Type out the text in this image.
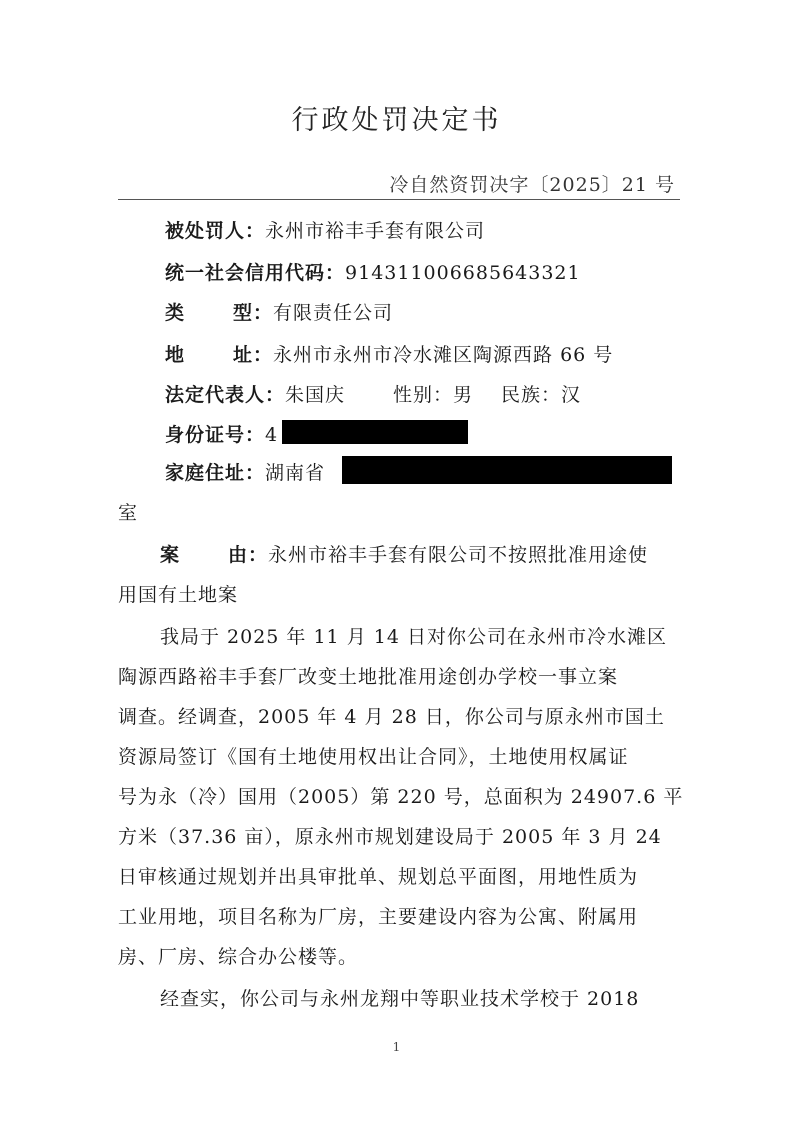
行政处罚决定书
冷自然资罚决字〔2025〕21 号
被处罚人：永州市裕丰手套有限公司
统一社会信用代码：914311006685643321
类	型：有限责任公司
地	址：永州市永州市冷水滩区陶源西路 66 号
法定代表人：朱国庆	性别：男 民族：汉
身份证号：4
家庭住址：湖南省
室
案	由：永州市裕丰手套有限公司不按照批准用途使
用国有土地案
我局于 2025 年 11 月 14 日对你公司在永州市冷水滩区
陶源西路裕丰手套厂改变土地批准用途创办学校一事立案
调查。经调查，2005 年 4 月 28 日，你公司与原永州市国土
资源局签订《国有土地使用权出让合同》，土地使用权属证
号为永（冷）国用（2005）第 220 号，总面积为 24907.6 平
方米（37.36 亩），原永州市规划建设局于 2005 年 3 月 24
日审核通过规划并出具审批单、规划总平面图，用地性质为
工业用地，项目名称为厂房，主要建设内容为公寓、附属用
房、厂房、综合办公楼等。
经查实，你公司与永州龙翔中等职业技术学校于 2018
1
